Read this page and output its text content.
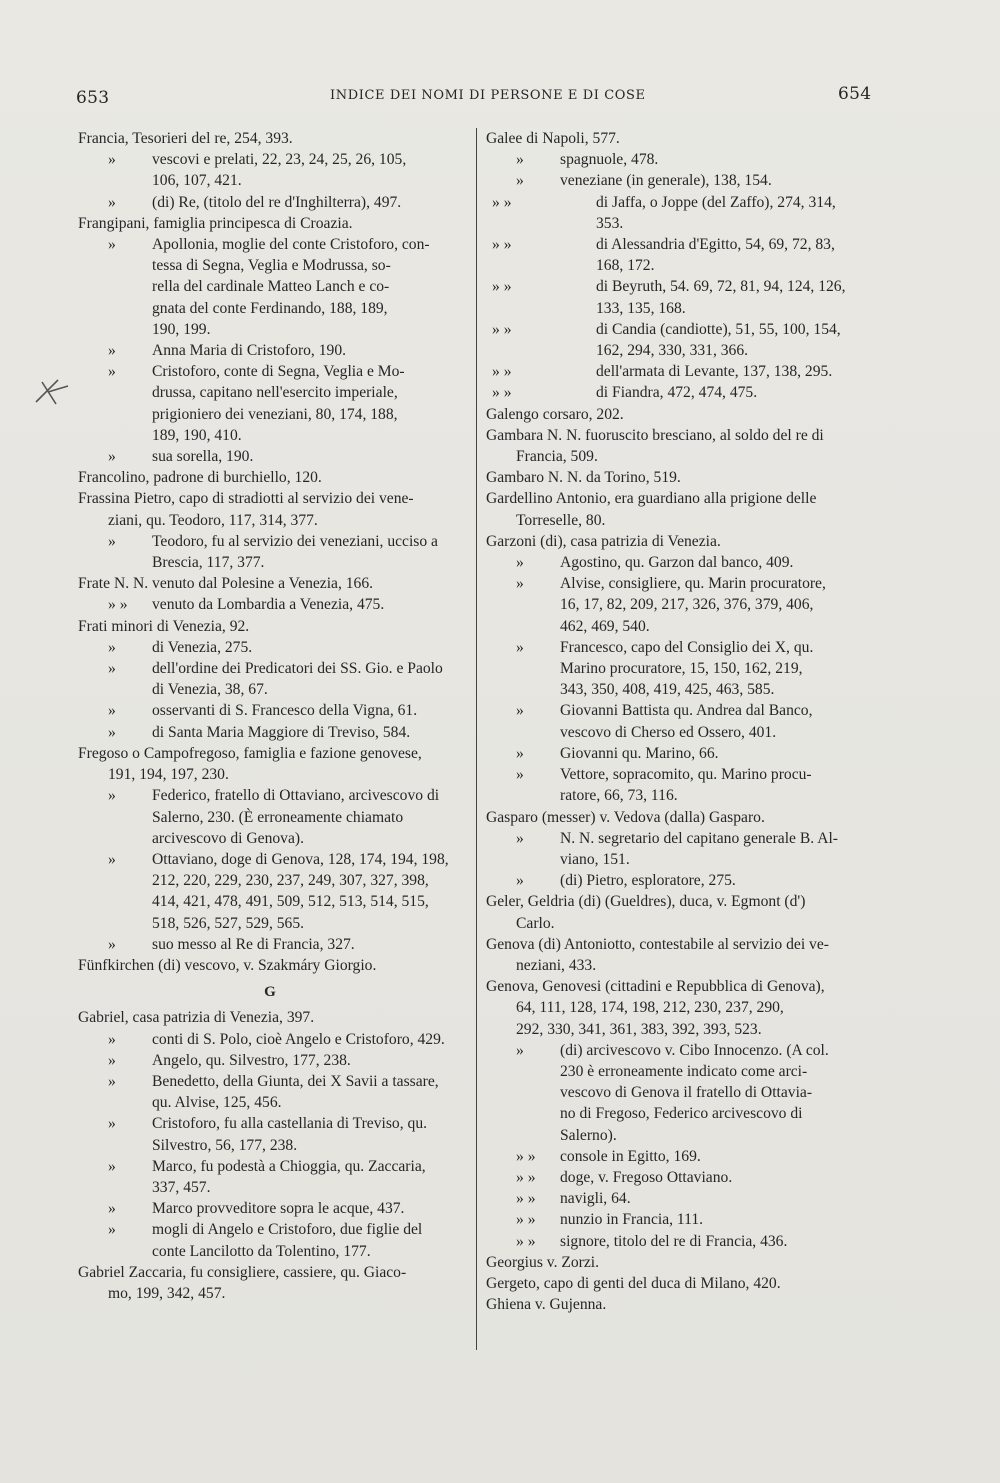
653	INDICE DEI NOMI DI PERSONE E DI COSE	654
Francia, Tesorieri del re, 254, 393.
» vescovi e prelati, 22, 23, 24, 25, 26, 105,
106, 107, 421.
» (di) Re, (titolo del re d'Inghilterra), 497.
Frangipani, famiglia principesca di Croazia.
» Apollonia, moglie del conte Cristoforo, con-
tessa di Segna, Veglia e Modrussa, so-
rella del cardinale Matteo Lanch e co-
gnata del conte Ferdinando, 188, 189,
190, 199.
» Anna Maria di Cristoforo, 190.
» Cristoforo, conte di Segna, Veglia e Mo-
drussa, capitano nell'esercito imperiale,
prigioniero dei veneziani, 80, 174, 188,
189, 190, 410.
» sua sorella, 190.
Francolino, padrone di burchiello, 120.
Frassina Pietro, capo di stradiotti al servizio dei vene-
ziani, qu. Teodoro, 117, 314, 377.
» Teodoro, fu al servizio dei veneziani, ucciso a
Brescia, 117, 377.
Frate N. N. venuto dal Polesine a Venezia, 166.
» » venuto da Lombardia a Venezia, 475.
Frati minori di Venezia, 92.
» di Venezia, 275.
» dell'ordine dei Predicatori dei SS. Gio. e Paolo
di Venezia, 38, 67.
» osservanti di S. Francesco della Vigna, 61.
» di Santa Maria Maggiore di Treviso, 584.
Fregoso o Campofregoso, famiglia e fazione genovese,
191, 194, 197, 230.
» Federico, fratello di Ottaviano, arcivescovo di
Salerno, 230. (È erroneamente chiamato
arcivescovo di Genova).
» Ottaviano, doge di Genova, 128, 174, 194, 198,
212, 220, 229, 230, 237, 249, 307, 327, 398,
414, 421, 478, 491, 509, 512, 513, 514, 515,
518, 526, 527, 529, 565.
» suo messo al Re di Francia, 327.
Fünfkirchen (di) vescovo, v. Szakmáry Giorgio.
G
Gabriel, casa patrizia di Venezia, 397.
» conti di S. Polo, cioè Angelo e Cristoforo, 429.
» Angelo, qu. Silvestro, 177, 238.
» Benedetto, della Giunta, dei X Savii a tassare,
qu. Alvise, 125, 456.
» Cristoforo, fu alla castellania di Treviso, qu.
Silvestro, 56, 177, 238.
» Marco, fu podestà a Chioggia, qu. Zaccaria,
337, 457.
» Marco provveditore sopra le acque, 437.
» mogli di Angelo e Cristoforo, due figlie del
conte Lancilotto da Tolentino, 177.
Gabriel Zaccaria, fu consigliere, cassiere, qu. Giaco-
mo, 199, 342, 457.
Galee di Napoli, 577.
» spagnuole, 478.
» veneziane (in generale), 138, 154.
» »	di Jaffa, o Joppe (del Zaffo), 274, 314,
353.
» »	di Alessandria d'Egitto, 54, 69, 72, 83,
168, 172.
» »	di Beyruth, 54. 69, 72, 81, 94, 124, 126,
133, 135, 168.
» »	di Candia (candiotte), 51, 55, 100, 154,
162, 294, 330, 331, 366.
» »	dell'armata di Levante, 137, 138, 295.
» »	di Fiandra, 472, 474, 475.
Galengo corsaro, 202.
Gambara N. N. fuoruscito bresciano, al soldo del re di
Francia, 509.
Gambaro N. N. da Torino, 519.
Gardellino Antonio, era guardiano alla prigione delle
Torreselle, 80.
Garzoni (di), casa patrizia di Venezia.
» Agostino, qu. Garzon dal banco, 409.
» Alvise, consigliere, qu. Marin procuratore,
16, 17, 82, 209, 217, 326, 376, 379, 406,
462, 469, 540.
» Francesco, capo del Consiglio dei X, qu.
Marino procuratore, 15, 150, 162, 219,
343, 350, 408, 419, 425, 463, 585.
» Giovanni Battista qu. Andrea dal Banco,
vescovo di Cherso ed Ossero, 401.
» Giovanni qu. Marino, 66.
» Vettore, sopracomito, qu. Marino procu-
ratore, 66, 73, 116.
Gasparo (messer) v. Vedova (dalla) Gasparo.
» N. N. segretario del capitano generale B. Al-
viano, 151.
» (di) Pietro, esploratore, 275.
Geler, Geldria (di) (Gueldres), duca, v. Egmont (d')
Carlo.
Genova (di) Antoniotto, contestabile al servizio dei ve-
neziani, 433.
Genova, Genovesi (cittadini e Repubblica di Genova),
64, 111, 128, 174, 198, 212, 230, 237, 290,
292, 330, 341, 361, 383, 392, 393, 523.
» (di) arcivescovo v. Cibo Innocenzo. (A col.
230 è erroneamente indicato come arci-
vescovo di Genova il fratello di Ottavia-
no di Fregoso, Federico arcivescovo di
Salerno).
» » console in Egitto, 169.
» » doge, v. Fregoso Ottaviano.
» » navigli, 64.
» » nunzio in Francia, 111.
» » signore, titolo del re di Francia, 436.
Georgius v. Zorzi.
Gergeto, capo di genti del duca di Milano, 420.
Ghiena v. Gujenna.
